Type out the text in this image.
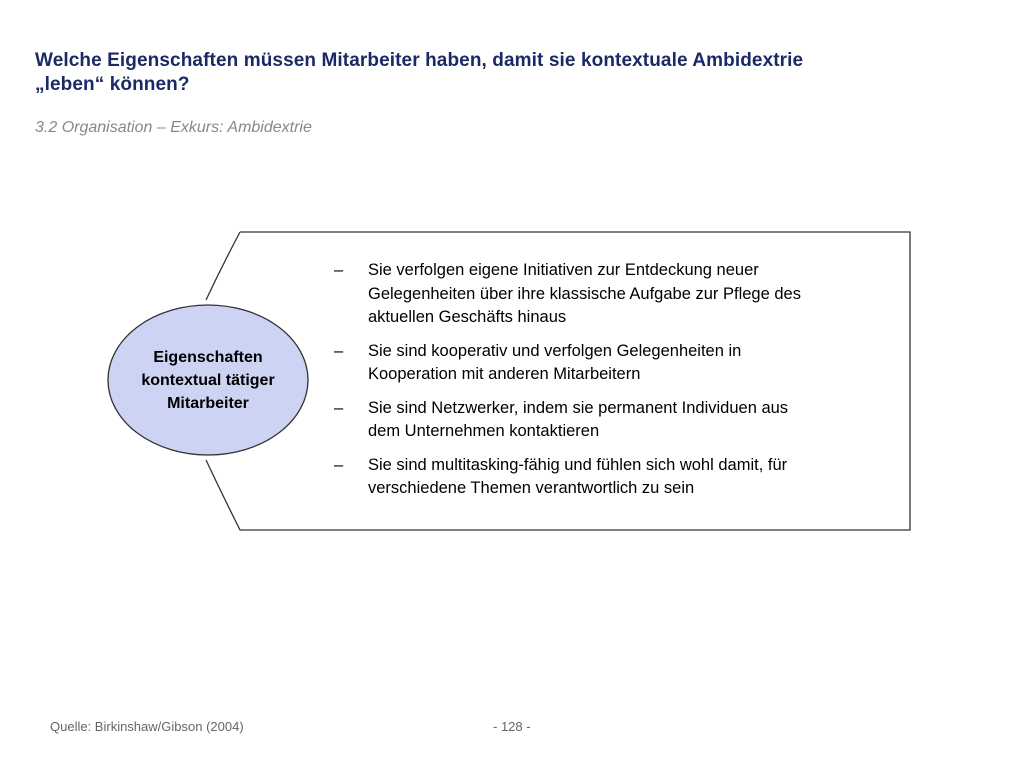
Welche Eigenschaften müssen Mitarbeiter haben, damit sie kontextuale Ambidextrie
„leben“ können?

3.2 Organisation – Exkurs: Ambidextrie

Eigenschaften
kontextual tätiger
Mitarbeiter
– Sie verfolgen eigene Initiativen zur Entdeckung neuer
Gelegenheiten über ihre klassische Aufgabe zur Pflege des
aktuellen Geschäfts hinaus
– Sie sind kooperativ und verfolgen Gelegenheiten in
Kooperation mit anderen Mitarbeitern
– Sie sind Netzwerker, indem sie permanent Individuen aus
dem Unternehmen kontaktieren
– Sie sind multitasking-fähig und fühlen sich wohl damit, für
verschiedene Themen verantwortlich zu sein
Quelle: Birkinshaw/Gibson (2004)	- 128 -
